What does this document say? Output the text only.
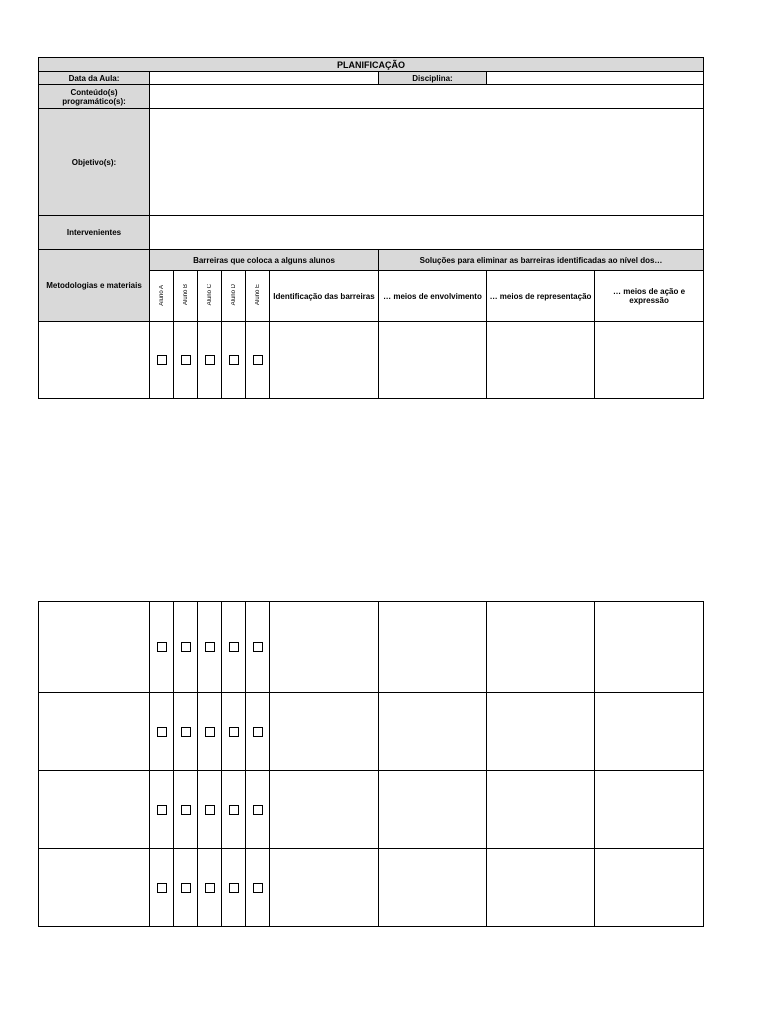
PLANIFICAÇÃO									
Data da Aula:							Disciplina:		
Conteúdo(s) programático(s):									
Objetivo(s):									
Intervenientes									
Metodologias e materiais	Barreiras que coloca a alguns alunos						Soluções para eliminar as barreiras identificadas ao nível dos…		
	Aluno A	Aluno B	Aluno C	Aluno D	Aluno E	Identificação das barreiras	… meios de envolvimento	… meios de representação	… meios de ação e expressão
